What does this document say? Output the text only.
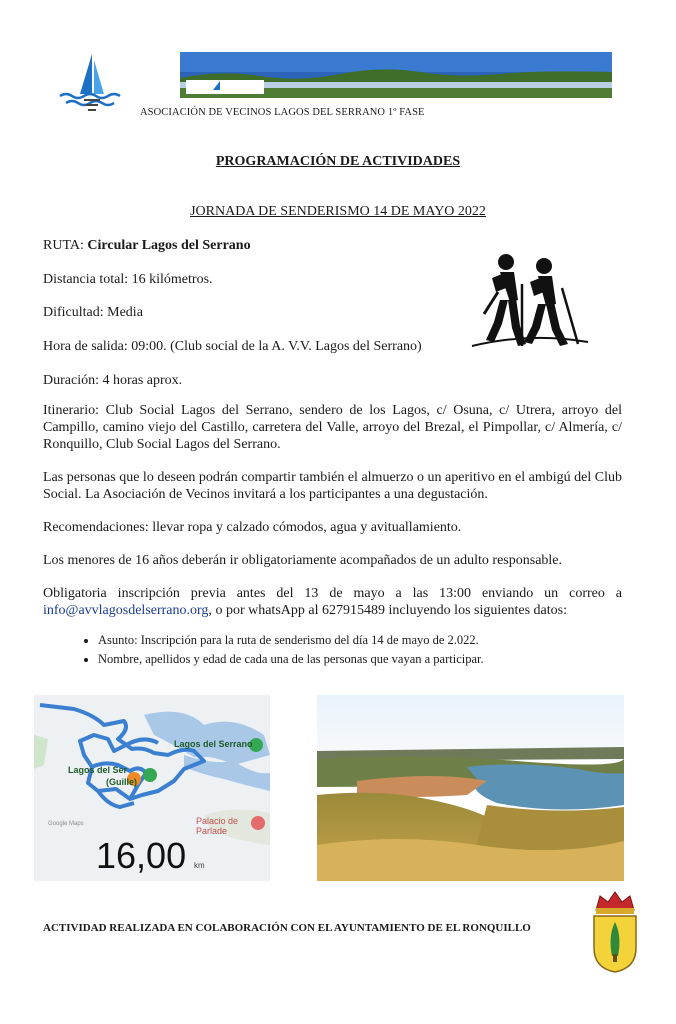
ASOCIACIÓN DE VECINOS LAGOS DEL SERRANO 1º FASE
PROGRAMACIÓN DE ACTIVIDADES
JORNADA DE SENDERISMO 14 DE MAYO 2022
RUTA: Circular Lagos del Serrano
Distancia total: 16 kilómetros.
Dificultad: Media
Hora de salida: 09:00. (Club social de la A. V.V. Lagos del Serrano)
Duración: 4 horas aprox.
Itinerario: Club Social Lagos del Serrano, sendero de los Lagos, c/ Osuna, c/ Utrera, arroyo del Campillo, camino viejo del Castillo, carretera del Valle, arroyo del Brezal, el Pimpollar, c/ Almería, c/ Ronquillo, Club Social Lagos del Serrano.
Las personas que lo deseen podrán compartir también el almuerzo o un aperitivo en el ambigú del Club Social. La Asociación de Vecinos invitará a los participantes a una degustación.
Recomendaciones: llevar ropa y calzado cómodos, agua y avituallamiento.
Los menores de 16 años deberán ir obligatoriamente acompañados de un adulto responsable.
Obligatoria inscripción previa antes del 13 de mayo a las 13:00 enviando un correo a info@avvlagosdelserrano.org, o por whatsApp al 627915489 incluyendo los siguientes datos:
• Asunto: Inscripción para la ruta de senderismo del día 14 de mayo de 2.022.
• Nombre, apellidos y edad de cada una de las personas que vayan a participar.
Lagos del Serrano
Lagos del Ser
(Guille)
Palacio de Parlade
Google Maps
16,00 km
ACTIVIDAD REALIZADA EN COLABORACIÓN CON EL AYUNTAMIENTO DE EL RONQUILLO
